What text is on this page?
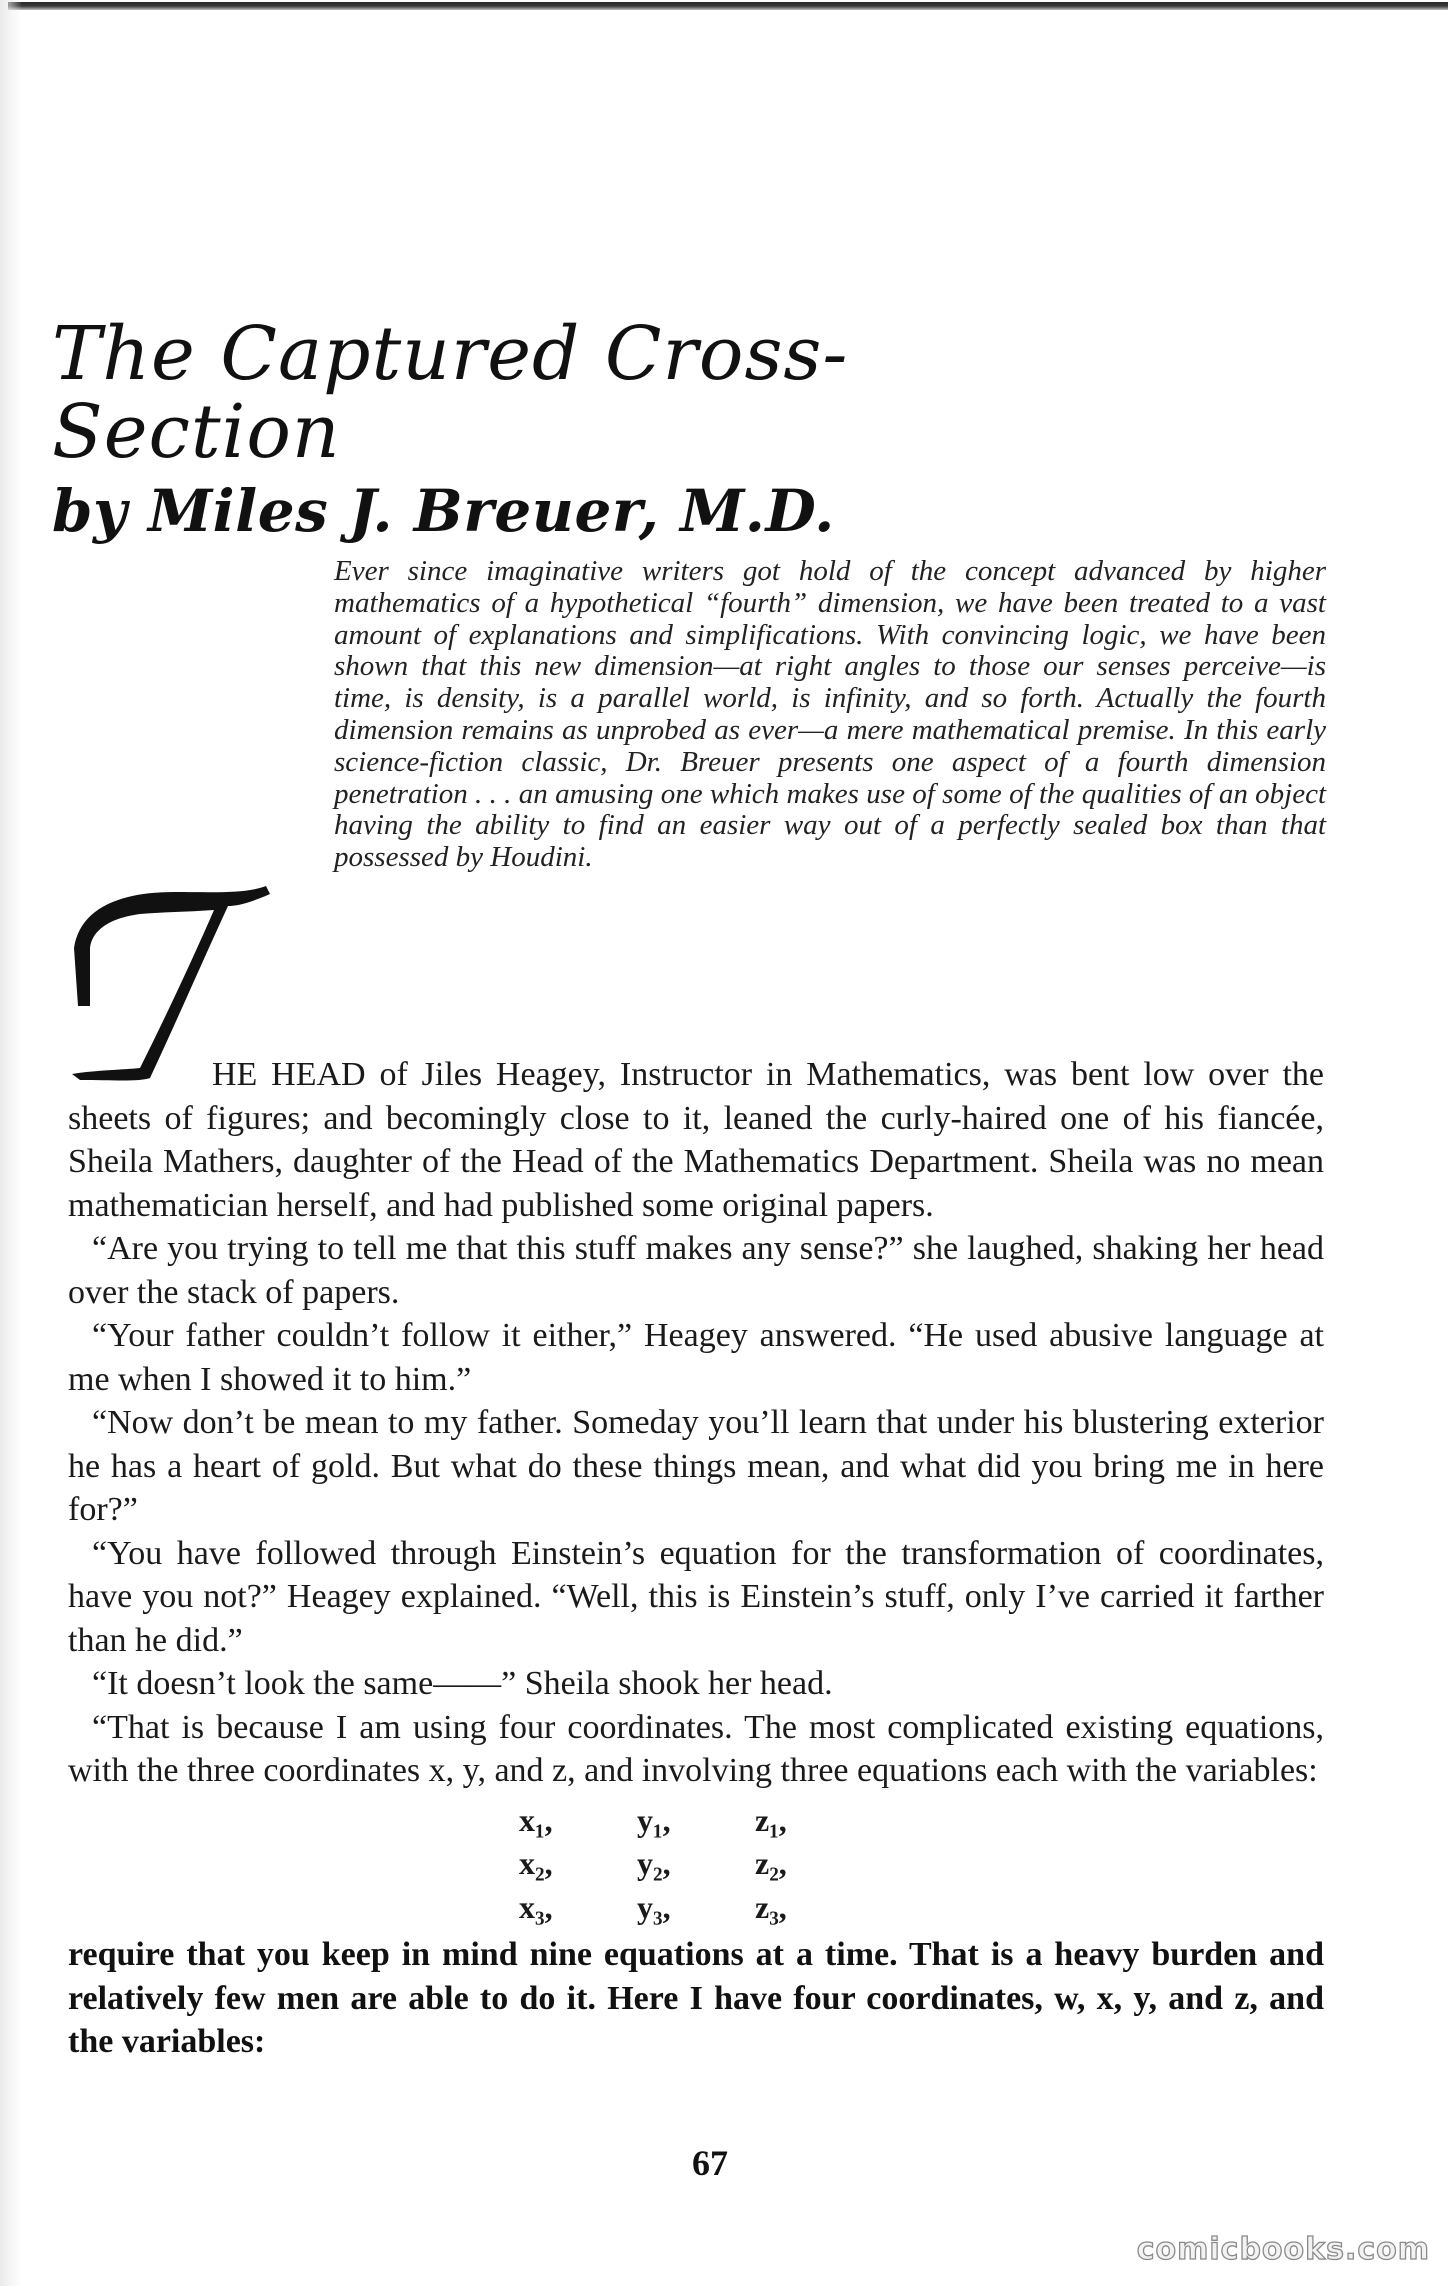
The Captured Cross-Section
by Miles J. Breuer, M.D.

Ever since imaginative writers got hold of the concept advanced by higher mathematics of a hypothetical “fourth” dimension, we have been treated to a vast amount of explanations and simplifications. With convincing logic, we have been shown that this new dimension—at right angles to those our senses perceive—is time, is density, is a parallel world, is infinity, and so forth. Actually the fourth dimension remains as unprobed as ever—a mere mathematical premise. In this early science-fiction classic, Dr. Breuer presents one aspect of a fourth dimension penetration . . . an amusing one which makes use of some of the qualities of an object having the ability to find an easier way out of a perfectly sealed box than that possessed by Houdini.

HE HEAD of Jiles Heagey, Instructor in Mathematics, was bent low over the sheets of figures; and becomingly close to it, leaned the curly-haired one of his fiancée, Sheila Mathers, daughter of the Head of the Mathematics Department. Sheila was no mean mathematician herself, and had published some original papers.

“Are you trying to tell me that this stuff makes any sense?” she laughed, shaking her head over the stack of papers.

“Your father couldn’t follow it either,” Heagey answered. “He used abusive language at me when I showed it to him.”

“Now don’t be mean to my father. Someday you’ll learn that under his blustering exterior he has a heart of gold. But what do these things mean, and what did you bring me in here for?”

“You have followed through Einstein’s equation for the transformation of coordinates, have you not?” Heagey explained. “Well, this is Einstein’s stuff, only I’ve carried it farther than he did.”

“It doesn’t look the same——” Sheila shook her head.

“That is because I am using four coordinates. The most complicated existing equations, with the three coordinates x, y, and z, and involving three equations each with the variables:

x₁,	y₁,	z₁,
x₂,	y₂,	z₂,
x₃,	y₃,	z₃,

require that you keep in mind nine equations at a time. That is a heavy burden and relatively few men are able to do it. Here I have four coordinates, w, x, y, and z, and the variables:

67
comicbooks.com
